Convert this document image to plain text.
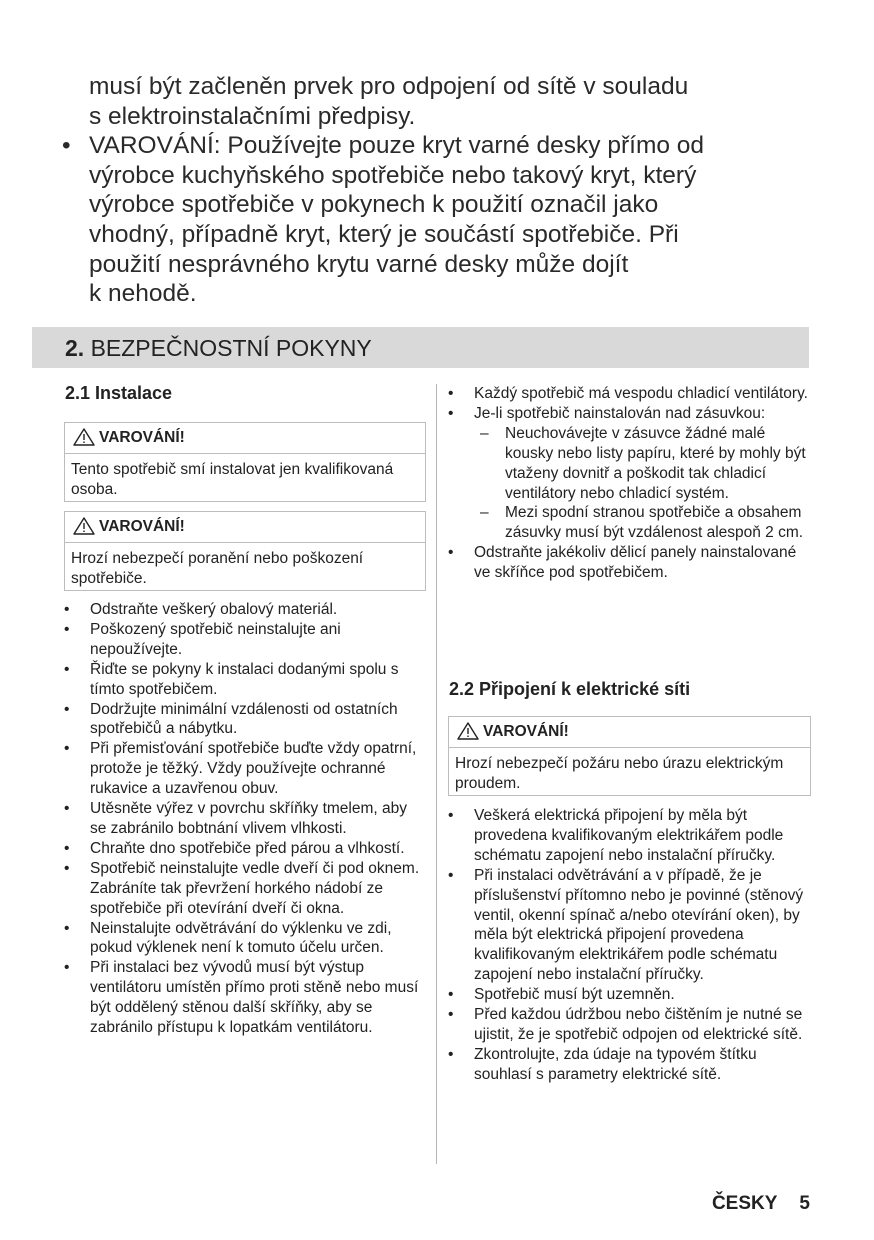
musí být začleněn prvek pro odpojení od sítě v souladu
s elektroinstalačními předpisy.
• VAROVÁNÍ: Používejte pouze kryt varné desky přímo od
výrobce kuchyňského spotřebiče nebo takový kryt, který
výrobce spotřebiče v pokynech k použití označil jako
vhodný, případně kryt, který je součástí spotřebiče. Při
použití nesprávného krytu varné desky může dojít
k nehodě.
2. BEZPEČNOSTNÍ POKYNY
2.1 Instalace
VAROVÁNÍ!
Tento spotřebič smí instalovat jen kvalifikovaná osoba.
VAROVÁNÍ!
Hrozí nebezpečí poranění nebo poškození spotřebiče.
•	Odstraňte veškerý obalový materiál.
•	Poškozený spotřebič neinstalujte ani nepoužívejte.
•	Řiďte se pokyny k instalaci dodanými spolu s tímto spotřebičem.
•	Dodržujte minimální vzdálenosti od ostatních spotřebičů a nábytku.
•	Při přemisťování spotřebiče buďte vždy opatrní, protože je těžký. Vždy používejte ochranné rukavice a uzavřenou obuv.
•	Utěsněte výřez v povrchu skříňky tmelem, aby se zabránilo bobtnání vlivem vlhkosti.
•	Chraňte dno spotřebiče před párou a vlhkostí.
•	Spotřebič neinstalujte vedle dveří či pod oknem. Zabráníte tak převržení horkého nádobí ze spotřebiče při otevírání dveří či okna.
•	Neinstalujte odvětrávání do výklenku ve zdi, pokud výklenek není k tomuto účelu určen.
•	Při instalaci bez vývodů musí být výstup ventilátoru umístěn přímo proti stěně nebo musí být oddělený stěnou další skříňky, aby se zabránilo přístupu k lopatkám ventilátoru.
•	Každý spotřebič má vespodu chladicí ventilátory.
•	Je-li spotřebič nainstalován nad zásuvkou:
– Neuchovávejte v zásuvce žádné malé kousky nebo listy papíru, které by mohly být vtaženy dovnitř a poškodit tak chladicí ventilátory nebo chladicí systém.
– Mezi spodní stranou spotřebiče a obsahem zásuvky musí být vzdálenost alespoň 2 cm.
•	Odstraňte jakékoliv dělicí panely nainstalované ve skříňce pod spotřebičem.
2.2 Připojení k elektrické síti
VAROVÁNÍ!
Hrozí nebezpečí požáru nebo úrazu elektrickým proudem.
•	Veškerá elektrická připojení by měla být provedena kvalifikovaným elektrikářem podle schématu zapojení nebo instalační příručky.
•	Při instalaci odvětrávání a v případě, že je příslušenství přítomno nebo je povinné (stěnový ventil, okenní spínač a/nebo otevírání oken), by měla být elektrická připojení provedena kvalifikovaným elektrikářem podle schématu zapojení nebo instalační příručky.
•	Spotřebič musí být uzemněn.
•	Před každou údržbou nebo čištěním je nutné se ujistit, že je spotřebič odpojen od elektrické sítě.
•	Zkontrolujte, zda údaje na typovém štítku souhlasí s parametry elektrické sítě.
ČESKY 5
